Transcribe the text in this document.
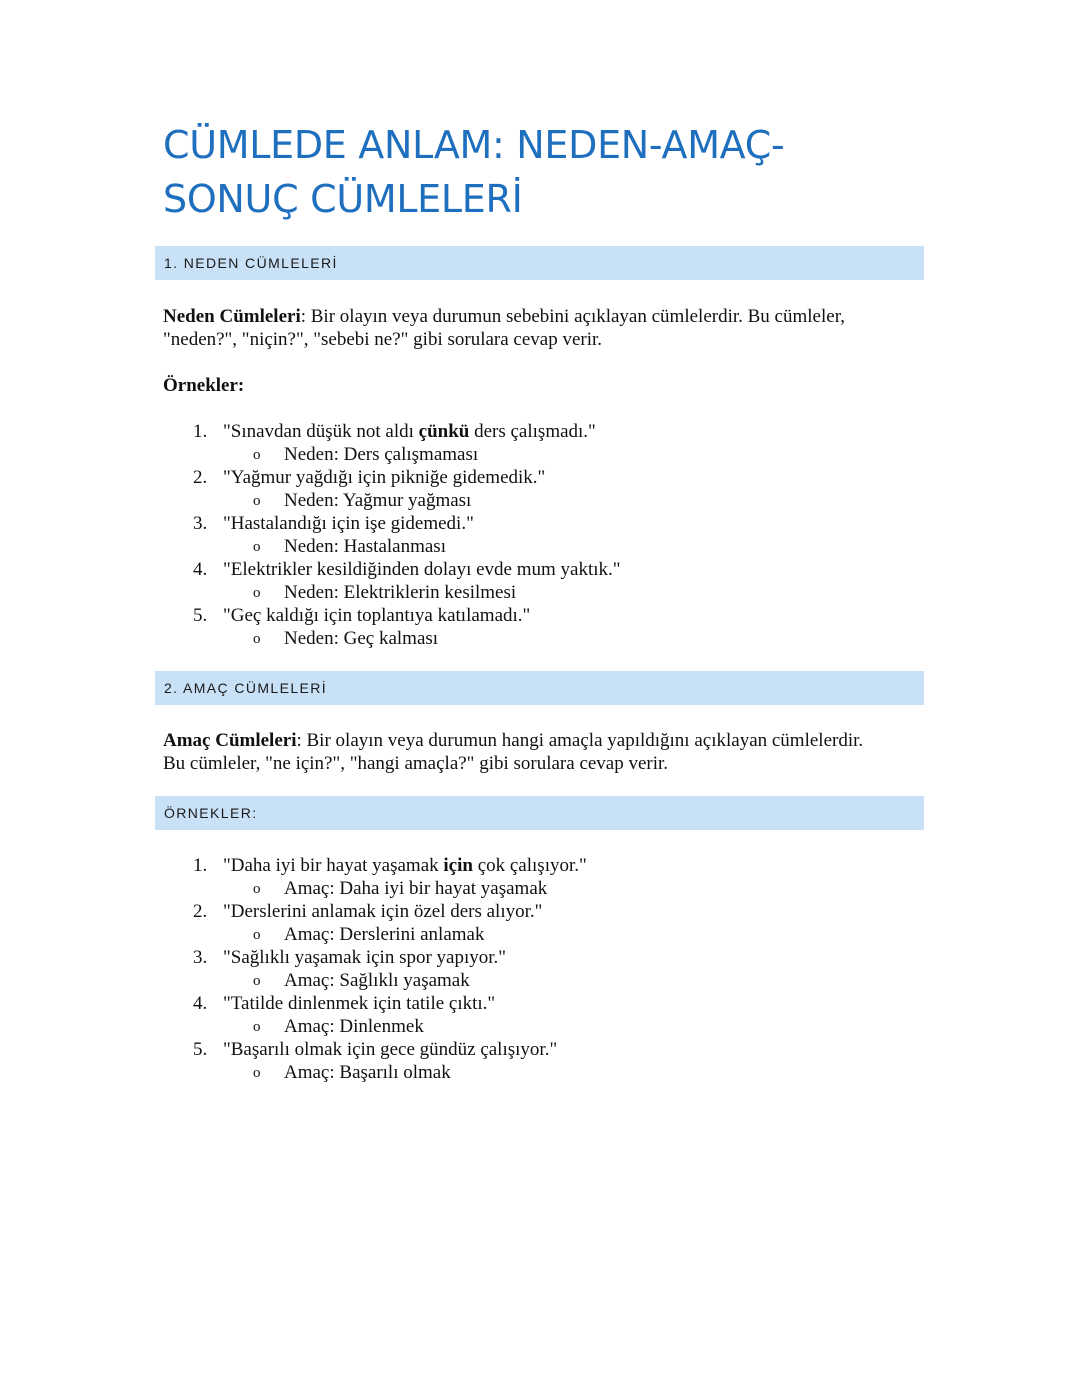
CÜMLEDE ANLAM: NEDEN-AMAÇ-
SONUÇ CÜMLELERİ
1. NEDEN CÜMLELERİ

Neden Cümleleri: Bir olayın veya durumun sebebini açıklayan cümlelerdir. Bu cümleler, "neden?", "niçin?", "sebebi ne?" gibi sorulara cevap verir.

Örnekler:

1. "Sınavdan düşük not aldı çünkü ders çalışmadı."
o Neden: Ders çalışmaması
2. "Yağmur yağdığı için pikniğe gidemedik."
o Neden: Yağmur yağması
3. "Hastalandığı için işe gidemedi."
o Neden: Hastalanması
4. "Elektrikler kesildiğinden dolayı evde mum yaktık."
o Neden: Elektriklerin kesilmesi
5. "Geç kaldığı için toplantıya katılamadı."
o Neden: Geç kalması
2. AMAÇ CÜMLELERİ

Amaç Cümleleri: Bir olayın veya durumun hangi amaçla yapıldığını açıklayan cümlelerdir.
Bu cümleler, "ne için?", "hangi amaçla?" gibi sorulara cevap verir.

ÖRNEKLER:
1. "Daha iyi bir hayat yaşamak için çok çalışıyor."
o Amaç: Daha iyi bir hayat yaşamak
2. "Derslerini anlamak için özel ders alıyor."
o Amaç: Derslerini anlamak
3. "Sağlıklı yaşamak için spor yapıyor."
o Amaç: Sağlıklı yaşamak
4. "Tatilde dinlenmek için tatile çıktı."
o Amaç: Dinlenmek
5. "Başarılı olmak için gece gündüz çalışıyor."
o Amaç: Başarılı olmak
